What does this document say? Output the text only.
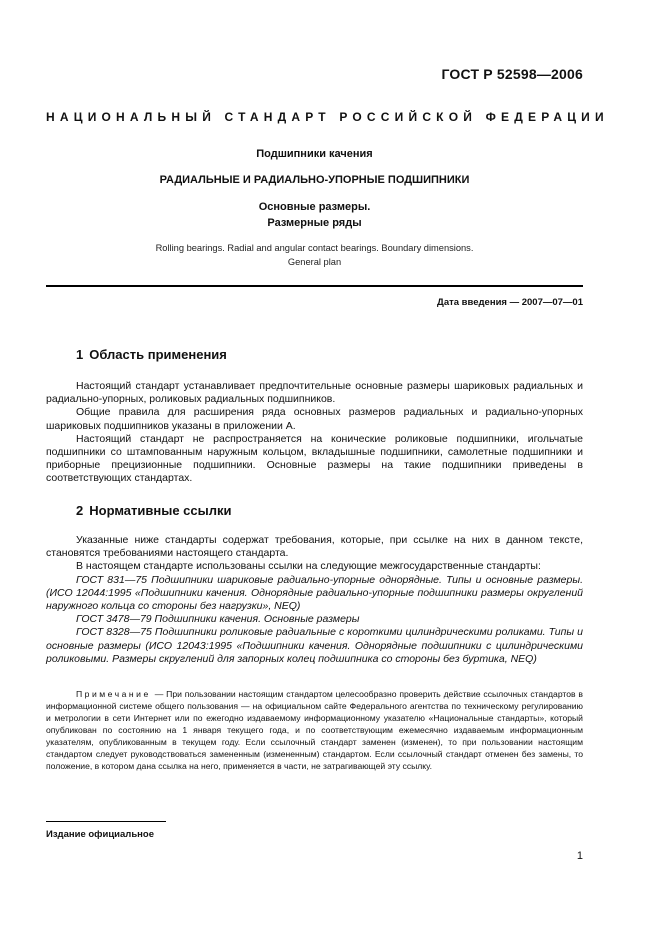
ГОСТ Р 52598—2006
НАЦИОНАЛЬНЫЙ СТАНДАРТ РОССИЙСКОЙ ФЕДЕРАЦИИ
Подшипники качения
РАДИАЛЬНЫЕ И РАДИАЛЬНО-УПОРНЫЕ ПОДШИПНИКИ
Основные размеры.
Размерные ряды
Rolling bearings. Radial and angular contact bearings. Boundary dimensions.
General plan
Дата введения — 2007—07—01
1 Область применения

Настоящий стандарт устанавливает предпочтительные основные размеры шариковых радиальных и радиально-упорных, роликовых радиальных подшипников.

Общие правила для расширения ряда основных размеров радиальных и радиально-упорных шариковых подшипников указаны в приложении А.

Настоящий стандарт не распространяется на конические роликовые подшипники, игольчатые подшипники со штампованным наружным кольцом, вкладышные подшипники, самолетные подшипники и приборные прецизионные подшипники. Основные размеры на такие подшипники приведены в соответствующих стандартах.

2 Нормативные ссылки

Указанные ниже стандарты содержат требования, которые, при ссылке на них в данном тексте, становятся требованиями настоящего стандарта.

В настоящем стандарте использованы ссылки на следующие межгосударственные стандарты:

ГОСТ 831—75 Подшипники шариковые радиально-упорные однорядные. Типы и основные размеры. (ИСО 12044:1995 «Подшипники качения. Однорядные радиально-упорные подшипники размеры округлений наружного кольца со стороны без нагрузки», NEQ)

ГОСТ 3478—79 Подшипники качения. Основные размеры

ГОСТ 8328—75 Подшипники роликовые радиальные с короткими цилиндрическими роликами. Типы и основные размеры (ИСО 12043:1995 «Подшипники качения. Однорядные подшипники с цилиндрическими роликовыми. Размеры скруглений для запорных колец подшипника со стороны без буртика, NEQ)

Примечание — При пользовании настоящим стандартом целесообразно проверить действие ссылочных стандартов в информационной системе общего пользования — на официальном сайте Федерального агентства по техническому регулированию и метрологии в сети Интернет или по ежегодно издаваемому информационному указателю «Национальные стандарты», который опубликован по состоянию на 1 января текущего года, и по соответствующим ежемесячно издаваемым информационным указателям, опубликованным в текущем году. Если ссылочный стандарт заменен (изменен), то при пользовании настоящим стандартом следует руководствоваться замененным (измененным) стандартом. Если ссылочный стандарт отменен без замены, то положение, в котором дана ссылка на него, применяется в части, не затрагивающей эту ссылку.
Издание официальное
1
